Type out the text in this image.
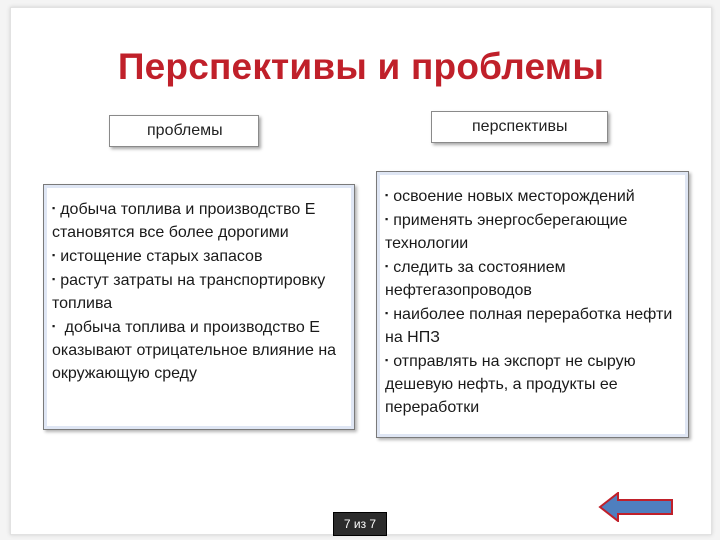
Перспективы и проблемы
проблемы	перспективы
▪ добыча топлива и производство Е становятся все более дорогими
▪ истощение старых запасов
▪ растут затраты на транспортировку топлива
▪ добыча топлива и производство Е оказывают отрицательное влияние на окружающую среду
▪ освоение новых месторождений
▪ применять энергосберегающие технологии
▪ следить за состоянием нефтегазопроводов
▪ наиболее полная переработка нефти на НПЗ
▪ отправлять на экспорт не сырую дешевую нефть, а продукты ее переработки
7 из 7
